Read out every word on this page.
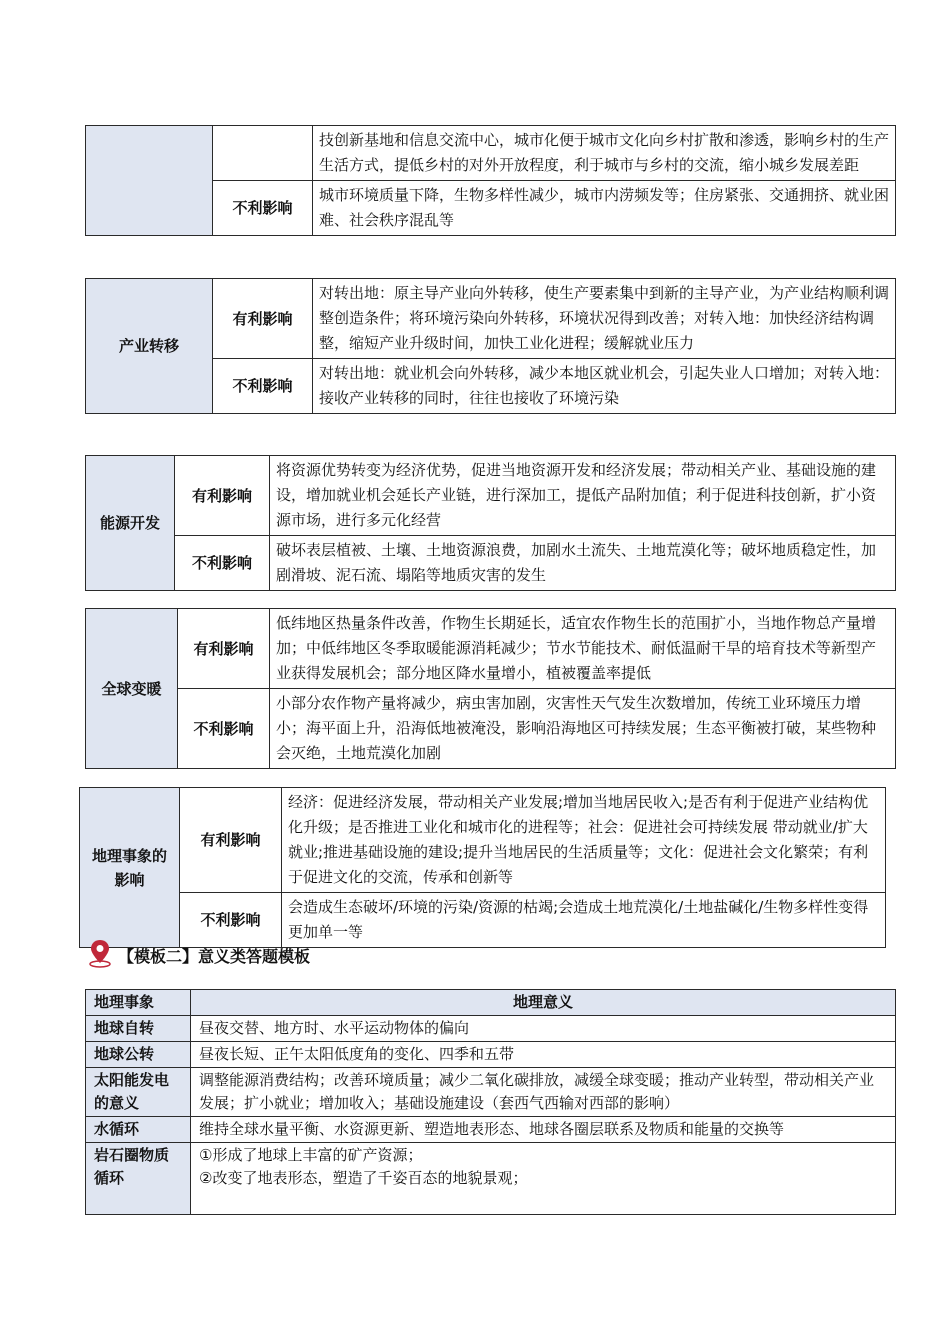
		技创新基地和信息交流中心，城市化便于城市文化向乡村扩散和渗透，影响乡村的生产生活方式，提低乡村的对外开放程度，利于城市与乡村的交流，缩小城乡发展差距
	不利影响	城市环境质量下降，生物多样性减少，城市内涝频发等；住房紧张、交通拥挤、就业困难、社会秩序混乱等
产业转移	有利影响	对转出地：原主导产业向外转移，使生产要素集中到新的主导产业，为产业结构顺利调整创造条件；将环境污染向外转移，环境状况得到改善；对转入地：加快经济结构调整，缩短产业升级时间，加快工业化进程；缓解就业压力
	不利影响	对转出地：就业机会向外转移，减少本地区就业机会，引起失业人口增加；对转入地：接收产业转移的同时，往往也接收了环境污染
能源开发	有利影响	将资源优势转变为经济优势，促进当地资源开发和经济发展；带动相关产业、基础设施的建设，增加就业机会延长产业链，进行深加工，提低产品附加值；利于促进科技创新，扩小资源市场，进行多元化经营
	不利影响	破坏表层植被、土壤、土地资源浪费，加剧水土流失、土地荒漠化等；破坏地质稳定性，加剧滑坡、泥石流、塌陷等地质灾害的发生
全球变暖	有利影响	低纬地区热量条件改善，作物生长期延长，适宜农作物生长的范围扩小，当地作物总产量增加；中低纬地区冬季取暖能源消耗减少；节水节能技术、耐低温耐干旱的培育技术等新型产业获得发展机会；部分地区降水量增小，植被覆盖率提低
	不利影响	小部分农作物产量将减少，病虫害加剧，灾害性天气发生次数增加，传统工业环境压力增小；海平面上升，沿海低地被淹没，影响沿海地区可持续发展；生态平衡被打破，某些物种会灭绝，土地荒漠化加剧
地理事象的影响	有利影响	经济：促进经济发展，带动相关产业发展;增加当地居民收入;是否有利于促进产业结构优化升级；是否推进工业化和城市化的进程等；社会：促进社会可持续发展 带动就业/扩大就业;推进基础设施的建设;提升当地居民的生活质量等；文化：促进社会文化繁荣；有利于促进文化的交流，传承和创新等
	不利影响	会造成生态破坏/环境的污染/资源的枯竭;会造成土地荒漠化/土地盐碱化/生物多样性变得更加单一等
【模板二】意义类答题模板
地理事象	地理意义
地球自转	昼夜交替、地方时、水平运动物体的偏向
地球公转	昼夜长短、正午太阳低度角的变化、四季和五带
太阳能发电的意义	调整能源消费结构；改善环境质量；减少二氧化碳排放，减缓全球变暖；推动产业转型，带动相关产业发展；扩小就业；增加收入；基础设施建设（套西气西输对西部的影响）
水循环	维持全球水量平衡、水资源更新、塑造地表形态、地球各圈层联系及物质和能量的交换等
岩石圈物质循环	①形成了地球上丰富的矿产资源；
②改变了地表形态，塑造了千姿百态的地貌景观；
